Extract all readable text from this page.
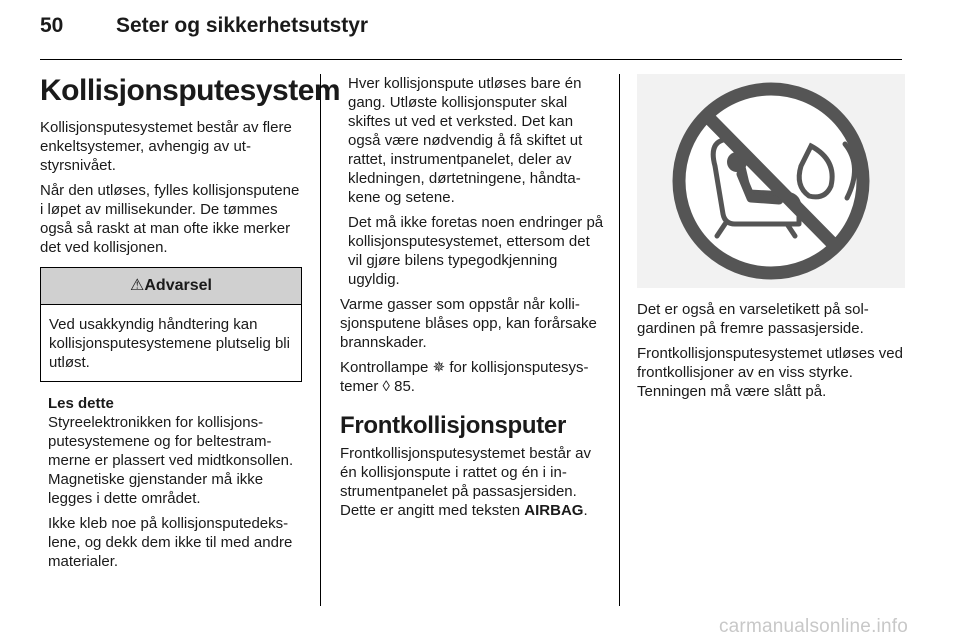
50	Seter og sikkerhetsutstyr
Kollisjonsputesystem

Kollisjonsputesystemet består av flere enkeltsystemer, avhengig av utstyrsnivået.

Når den utløses, fylles kollisjonsputene i løpet av millisekunder. De tømmes også så raskt at man ofte ikke merker det ved kollisjonen.

⚠Advarsel
Ved usakkyndig håndtering kan kollisjonsputesystemene plutselig bli utløst.
Les dette

Styreelektronikken for kollisjonsputesystemene og for beltestrammerne er plassert ved midtkonsollen. Magnetiske gjenstander må ikke legges i dette området.

Ikke kleb noe på kollisjonsputedekslene, og dekk dem ikke til med andre materialer.

Hver kollisjonspute utløses bare én gang. Utløste kollisjonsputer skal skiftes ut ved et verksted. Det kan også være nødvendig å få skiftet ut rattet, instrumentpanelet, deler av kledningen, dørtetningene, håndtakene og setene.

Det må ikke foretas noen endringer på kollisjonsputesystemet, ettersom det vil gjøre bilens typegodkjenning ugyldig.

Varme gasser som oppstår når kollisjonsputene blåses opp, kan forårsake brannskader.

Kontrollampe ✵ for kollisjonsputesystemer ◊ 85.

Frontkollisjonsputer

Frontkollisjonsputesystemet består av én kollisjonspute i rattet og én i instrumentpanelet på passasjersiden. Dette er angitt med teksten AIRBAG.

Det er også en varseletikett på solgardinen på fremre passasjerside.

Frontkollisjonsputesystemet utløses ved frontkollisjoner av en viss styrke. Tenningen må være slått på.

carmanualsonline.info
